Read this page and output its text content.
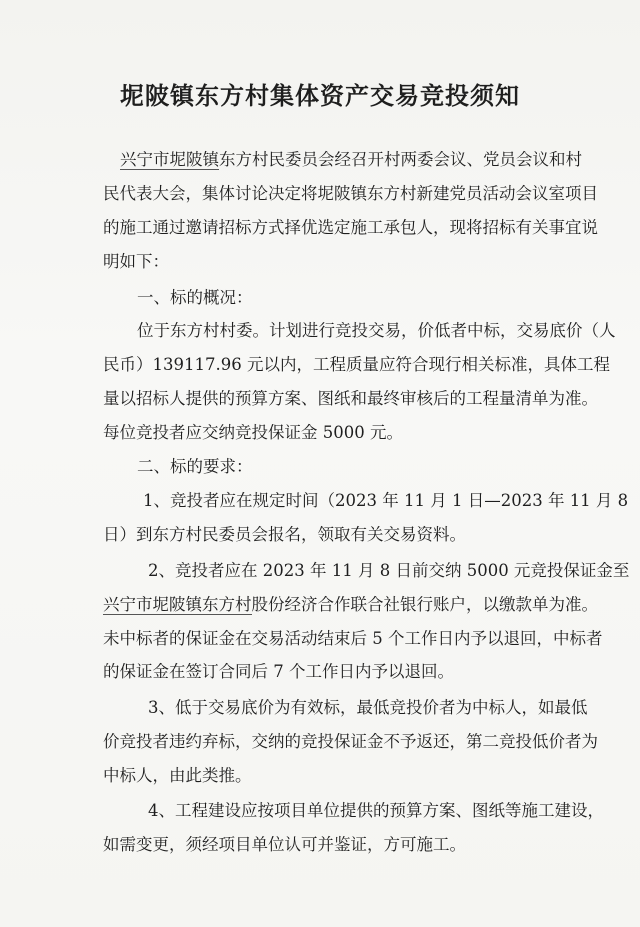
坭陂镇东方村集体资产交易竞投须知
兴宁市坭陂镇东方村民委员会经召开村两委会议、党员会议和村
民代表大会，集体讨论决定将坭陂镇东方村新建党员活动会议室项目
的施工通过邀请招标方式择优选定施工承包人，现将招标有关事宜说
明如下：
一、标的概况：
位于东方村村委。计划进行竞投交易，价低者中标，交易底价（人
民币）139117.96 元以内，工程质量应符合现行相关标准，具体工程
量以招标人提供的预算方案、图纸和最终审核后的工程量清单为准。
每位竞投者应交纳竞投保证金 5000 元。
二、标的要求：
1、竞投者应在规定时间（2023 年 11 月 1 日—2023 年 11 月 8
日）到东方村民委员会报名，领取有关交易资料。
2、竞投者应在 2023 年 11 月 8 日前交纳 5000 元竞投保证金至
兴宁市坭陂镇东方村股份经济合作联合社银行账户，以缴款单为准。
未中标者的保证金在交易活动结束后 5 个工作日内予以退回，中标者
的保证金在签订合同后 7 个工作日内予以退回。
3、低于交易底价为有效标，最低竞投价者为中标人，如最低
价竞投者违约弃标，交纳的竞投保证金不予返还，第二竞投低价者为
中标人，由此类推。
4、工程建设应按项目单位提供的预算方案、图纸等施工建设，
如需变更，须经项目单位认可并鉴证，方可施工。
